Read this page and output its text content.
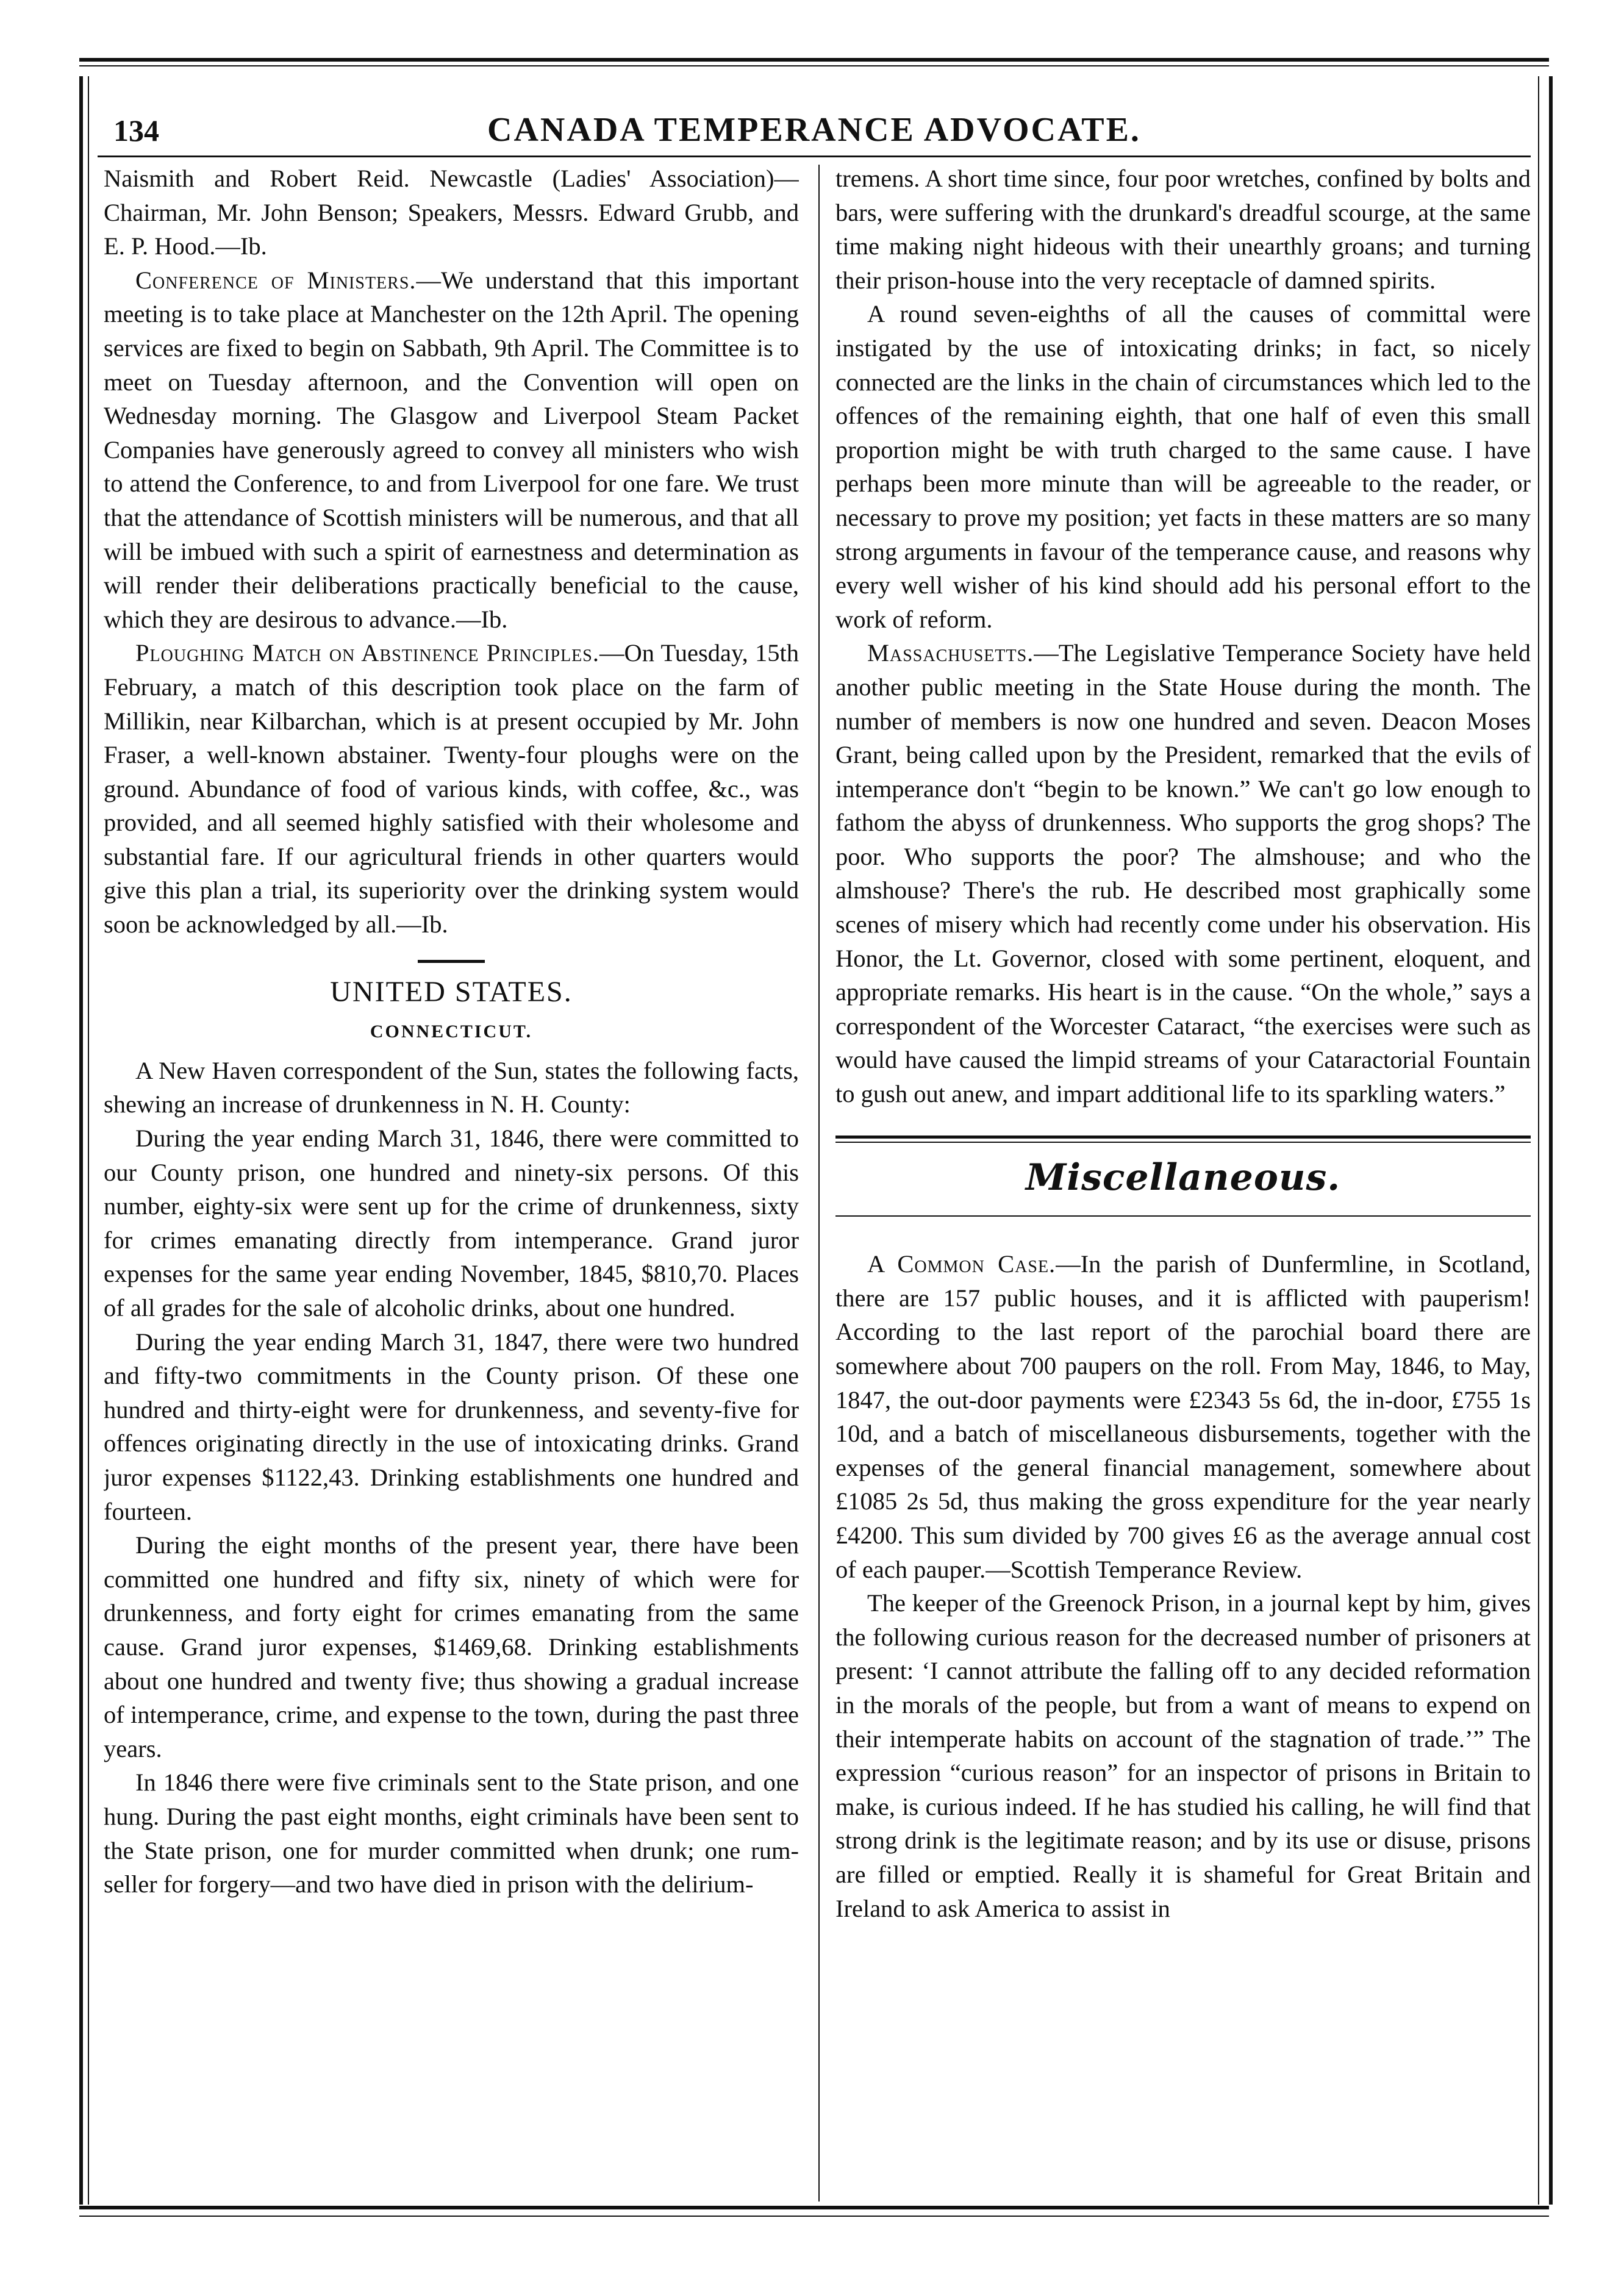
134	CANADA TEMPERANCE ADVOCATE.

Naismith and Robert Reid. Newcastle (Ladies' Association)—Chairman, Mr. John Benson; Speakers, Messrs. Edward Grubb, and E. P. Hood.—Ib.

Conference of Ministers.—We understand that this important meeting is to take place at Manchester on the 12th April. The opening services are fixed to begin on Sabbath, 9th April. The Committee is to meet on Tuesday afternoon, and the Convention will open on Wednesday morning. The Glasgow and Liverpool Steam Packet Companies have generously agreed to convey all ministers who wish to attend the Conference, to and from Liverpool for one fare. We trust that the attendance of Scottish ministers will be numerous, and that all will be imbued with such a spirit of earnestness and determination as will render their deliberations practically beneficial to the cause, which they are desirous to advance.—Ib.

Ploughing Match on Abstinence Principles.—On Tuesday, 15th February, a match of this description took place on the farm of Millikin, near Kilbarchan, which is at present occupied by Mr. John Fraser, a well-known abstainer. Twenty-four ploughs were on the ground. Abundance of food of various kinds, with coffee, &c., was provided, and all seemed highly satisfied with their wholesome and substantial fare. If our agricultural friends in other quarters would give this plan a trial, its superiority over the drinking system would soon be acknowledged by all.—Ib.

UNITED STATES.
CONNECTICUT.

A New Haven correspondent of the Sun, states the following facts, shewing an increase of drunkenness in N. H. County:

During the year ending March 31, 1846, there were committed to our County prison, one hundred and ninety-six persons. Of this number, eighty-six were sent up for the crime of drunkenness, sixty for crimes emanating directly from intemperance. Grand juror expenses for the same year ending November, 1845, $810,70. Places of all grades for the sale of alcoholic drinks, about one hundred.

During the year ending March 31, 1847, there were two hundred and fifty-two commitments in the County prison. Of these one hundred and thirty-eight were for drunkenness, and seventy-five for offences originating directly in the use of intoxicating drinks. Grand juror expenses $1122,43. Drinking establishments one hundred and fourteen.

During the eight months of the present year, there have been committed one hundred and fifty six, ninety of which were for drunkenness, and forty eight for crimes emanating from the same cause. Grand juror expenses, $1469,68. Drinking establishments about one hundred and twenty five; thus showing a gradual increase of intemperance, crime, and expense to the town, during the past three years.

In 1846 there were five criminals sent to the State prison, and one hung. During the past eight months, eight criminals have been sent to the State prison, one for murder committed when drunk; one rum-seller for forgery—and two have died in prison with the delirium-

tremens. A short time since, four poor wretches, confined by bolts and bars, were suffering with the drunkard's dreadful scourge, at the same time making night hideous with their unearthly groans; and turning their prison-house into the very receptacle of damned spirits.

A round seven-eighths of all the causes of committal were instigated by the use of intoxicating drinks; in fact, so nicely connected are the links in the chain of circumstances which led to the offences of the remaining eighth, that one half of even this small proportion might be with truth charged to the same cause. I have perhaps been more minute than will be agreeable to the reader, or necessary to prove my position; yet facts in these matters are so many strong arguments in favour of the temperance cause, and reasons why every well wisher of his kind should add his personal effort to the work of reform.

Massachusetts.—The Legislative Temperance Society have held another public meeting in the State House during the month. The number of members is now one hundred and seven. Deacon Moses Grant, being called upon by the President, remarked that the evils of intemperance don't “begin to be known.” We can't go low enough to fathom the abyss of drunkenness. Who supports the grog shops? The poor. Who supports the poor? The almshouse; and who the almshouse? There's the rub. He described most graphically some scenes of misery which had recently come under his observation. His Honor, the Lt. Governor, closed with some pertinent, eloquent, and appropriate remarks. His heart is in the cause. “On the whole,” says a correspondent of the Worcester Cataract, “the exercises were such as would have caused the limpid streams of your Cataractorial Fountain to gush out anew, and impart additional life to its sparkling waters.”

Miscellaneous.

A Common Case.—In the parish of Dunfermline, in Scotland, there are 157 public houses, and it is afflicted with pauperism! According to the last report of the parochial board there are somewhere about 700 paupers on the roll. From May, 1846, to May, 1847, the out-door payments were £2343 5s 6d, the in-door, £755 1s 10d, and a batch of miscellaneous disbursements, together with the expenses of the general financial management, somewhere about £1085 2s 5d, thus making the gross expenditure for the year nearly £4200. This sum divided by 700 gives £6 as the average annual cost of each pauper.—Scottish Temperance Review.

The keeper of the Greenock Prison, in a journal kept by him, gives the following curious reason for the decreased number of prisoners at present: ‘I cannot attribute the falling off to any decided reformation in the morals of the people, but from a want of means to expend on their intemperate habits on account of the stagnation of trade.’” The expression “curious reason” for an inspector of prisons in Britain to make, is curious indeed. If he has studied his calling, he will find that strong drink is the legitimate reason; and by its use or disuse, prisons are filled or emptied. Really it is shameful for Great Britain and Ireland to ask America to assist in
